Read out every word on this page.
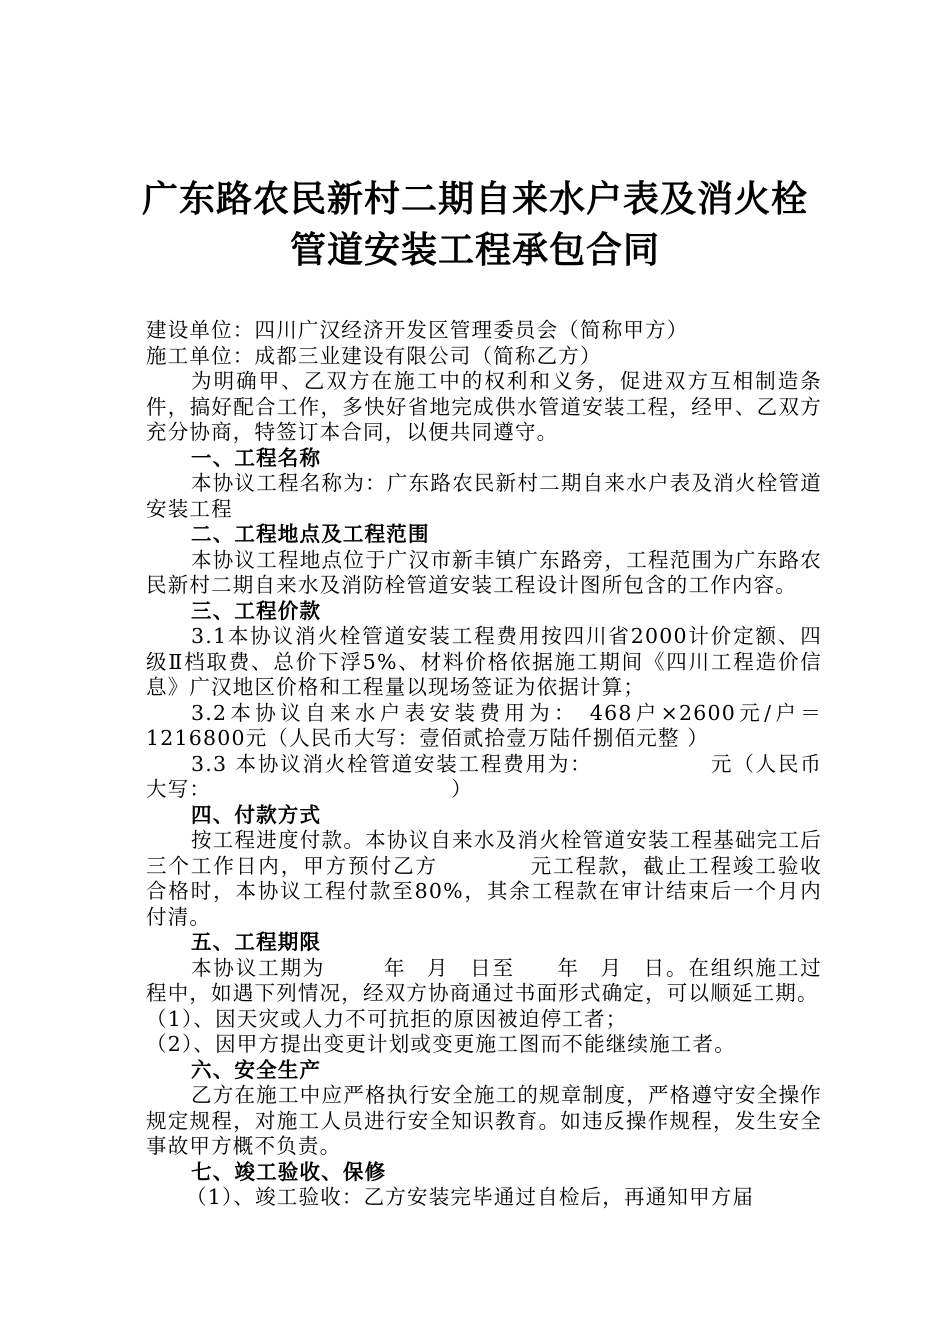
广东路农民新村二期自来水户表及消火栓
管道安装工程承包合同

建设单位：四川广汉经济开发区管理委员会（简称甲方）

施工单位：成都三业建设有限公司（简称乙方）

为明确甲、乙双方在施工中的权利和义务，促进双方互相制造条件，搞好配合工作，多快好省地完成供水管道安装工程，经甲、乙双方充分协商，特签订本合同，以便共同遵守。

一、工程名称

本协议工程名称为：广东路农民新村二期自来水户表及消火栓管道安装工程

二、工程地点及工程范围

本协议工程地点位于广汉市新丰镇广东路旁，工程范围为广东路农民新村二期自来水及消防栓管道安装工程设计图所包含的工作内容。

三、工程价款

3.1本协议消火栓管道安装工程费用按四川省2000计价定额、四级Ⅱ档取费、总价下浮5%、材料价格依据施工期间《四川工程造价信息》广汉地区价格和工程量以现场签证为依据计算；

3.2本协议自来水户表安装费用为： 468户×2600元/户＝1216800元（人民币大写：壹佰贰拾壹万陆仟捌佰元整 ）

3.3 本协议消火栓管道安装工程费用为：	元（人民币大写：	）

四、付款方式

按工程进度付款。本协议自来水及消火栓管道安装工程基础完工后三个工作日内，甲方预付乙方	元工程款，截止工程竣工验收合格时，本协议工程付款至80%，其余工程款在审计结束后一个月内付清。

五、工程期限

本协议工期为	年 月 日至 年 月 日。在组织施工过程中，如遇下列情况，经双方协商通过书面形式确定，可以顺延工期。

（1）、因天灾或人力不可抗拒的原因被迫停工者；

（2）、因甲方提出变更计划或变更施工图而不能继续施工者。

六、安全生产

乙方在施工中应严格执行安全施工的规章制度，严格遵守安全操作规定规程，对施工人员进行安全知识教育。如违反操作规程，发生安全事故甲方概不负责。

七、竣工验收、保修

（1）、竣工验收：乙方安装完毕通过自检后，再通知甲方届
